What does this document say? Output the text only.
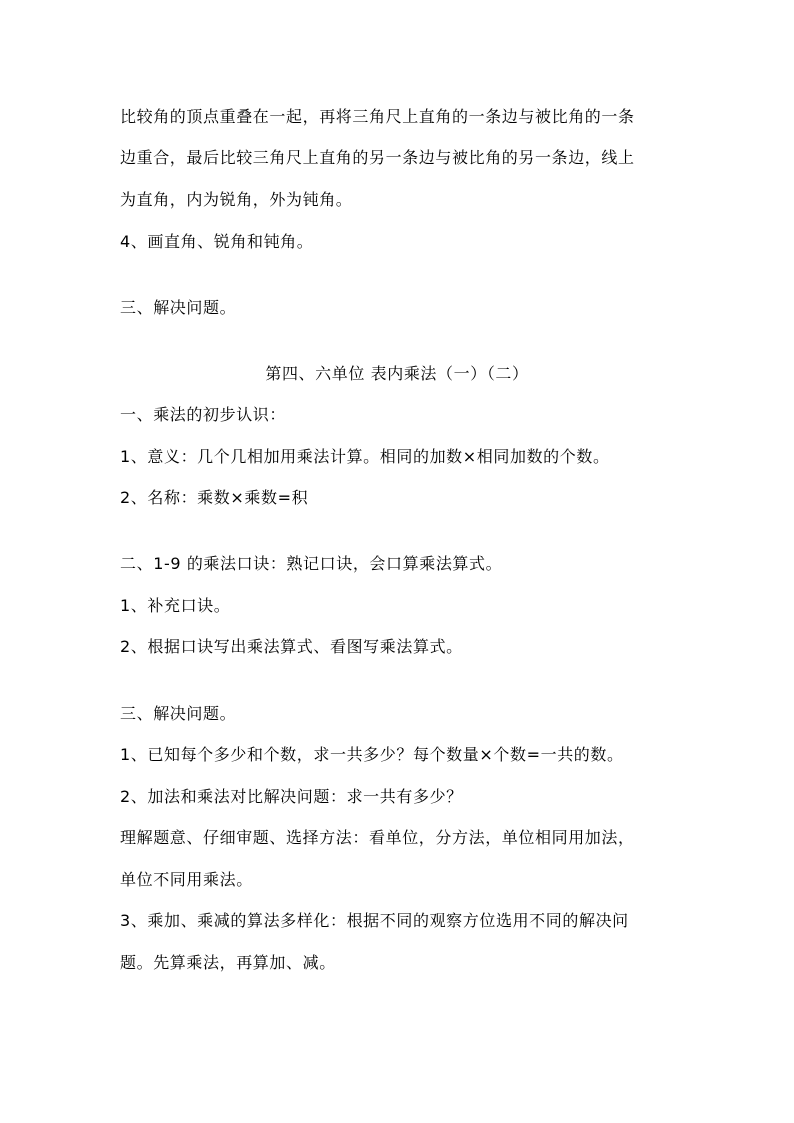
比较角的顶点重叠在一起，再将三角尺上直角的一条边与被比角的一条
边重合，最后比较三角尺上直角的另一条边与被比角的另一条边，线上
为直角，内为锐角，外为钝角。
4、画直角、锐角和钝角。
三、解决问题。
第四、六单位 表内乘法（一）（二）
一、乘法的初步认识：
1、意义：几个几相加用乘法计算。相同的加数×相同加数的个数。
2、名称：乘数×乘数=积
二、1-9 的乘法口诀：熟记口诀，会口算乘法算式。
1、补充口诀。
2、根据口诀写出乘法算式、看图写乘法算式。
三、解决问题。
1、已知每个多少和个数，求一共多少？每个数量×个数=一共的数。
2、加法和乘法对比解决问题：求一共有多少？
理解题意、仔细审题、选择方法：看单位，分方法，单位相同用加法，
单位不同用乘法。
3、乘加、乘减的算法多样化：根据不同的观察方位选用不同的解决问
题。先算乘法，再算加、减。
